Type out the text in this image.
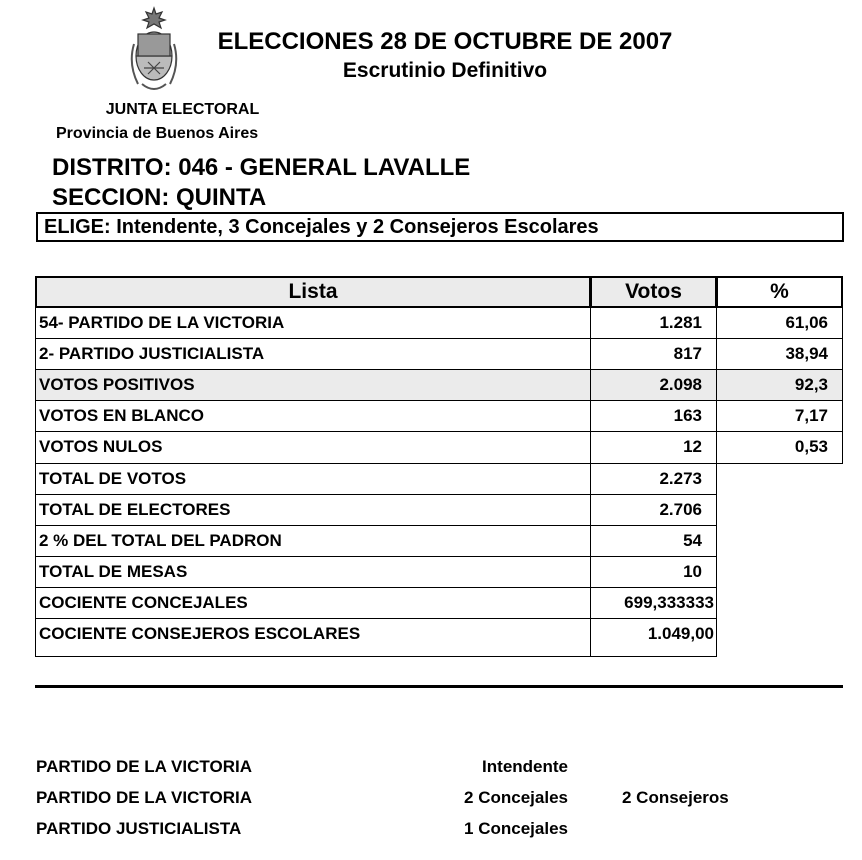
ELECCIONES 28 DE OCTUBRE DE 2007
Escrutinio Definitivo
JUNTA ELECTORAL
Provincia de Buenos Aires
DISTRITO: 046 - GENERAL LAVALLE
SECCION: QUINTA
ELIGE: Intendente, 3 Concejales y 2 Consejeros Escolares
Lista	Votos	%
54- PARTIDO DE LA VICTORIA	1.281	61,06
2- PARTIDO JUSTICIALISTA	817	38,94
VOTOS POSITIVOS	2.098	92,3
VOTOS EN BLANCO	163	7,17
VOTOS NULOS	12	0,53
TOTAL DE VOTOS	2.273
TOTAL DE ELECTORES	2.706
2 % DEL TOTAL DEL PADRON	54
TOTAL DE MESAS	10
COCIENTE CONCEJALES	699,333333
COCIENTE CONSEJEROS ESCOLARES	1.049,00
PARTIDO DE LA VICTORIA	Intendente
PARTIDO DE LA VICTORIA	2 Concejales	2 Consejeros
PARTIDO JUSTICIALISTA	1 Concejales
